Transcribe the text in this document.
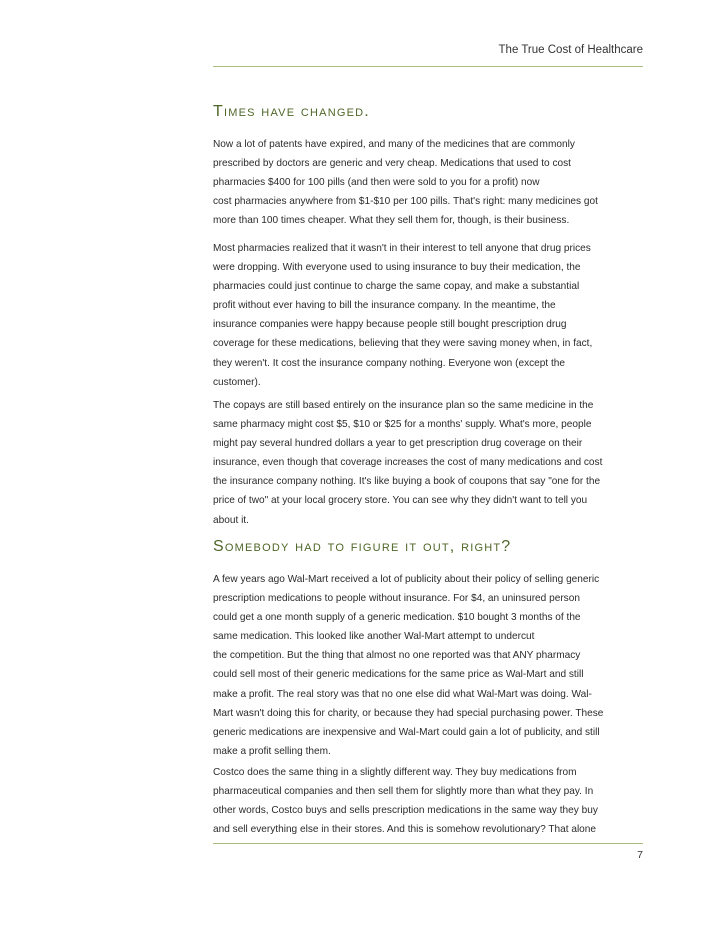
The True Cost of Healthcare
Times have changed.

Now a lot of patents have expired, and many of the medicines that are commonly
prescribed by doctors are generic and very cheap. Medications that used to cost
pharmacies $400 for 100 pills (and then were sold to you for a profit) now
cost pharmacies anywhere from $1-$10 per 100 pills. That's right: many medicines got
more than 100 times cheaper. What they sell them for, though, is their business.

Most pharmacies realized that it wasn't in their interest to tell anyone that drug prices
were dropping. With everyone used to using insurance to buy their medication, the
pharmacies could just continue to charge the same copay, and make a substantial
profit without ever having to bill the insurance company. In the meantime, the
insurance companies were happy because people still bought prescription drug
coverage for these medications, believing that they were saving money when, in fact,
they weren't. It cost the insurance company nothing. Everyone won (except the
customer).

The copays are still based entirely on the insurance plan so the same medicine in the
same pharmacy might cost $5, $10 or $25 for a months' supply. What's more, people
might pay several hundred dollars a year to get prescription drug coverage on their
insurance, even though that coverage increases the cost of many medications and cost
the insurance company nothing. It's like buying a book of coupons that say "one for the
price of two" at your local grocery store. You can see why they didn't want to tell you
about it.

Somebody had to figure it out, right?

A few years ago Wal-Mart received a lot of publicity about their policy of selling generic
prescription medications to people without insurance. For $4, an uninsured person
could get a one month supply of a generic medication. $10 bought 3 months of the
same medication. This looked like another Wal-Mart attempt to undercut
the competition. But the thing that almost no one reported was that ANY pharmacy
could sell most of their generic medications for the same price as Wal-Mart and still
make a profit. The real story was that no one else did what Wal-Mart was doing. Wal-
Mart wasn't doing this for charity, or because they had special purchasing power. These
generic medications are inexpensive and Wal-Mart could gain a lot of publicity, and still
make a profit selling them.

Costco does the same thing in a slightly different way. They buy medications from
pharmaceutical companies and then sell them for slightly more than what they pay. In
other words, Costco buys and sells prescription medications in the same way they buy
and sell everything else in their stores. And this is somehow revolutionary? That alone

7
